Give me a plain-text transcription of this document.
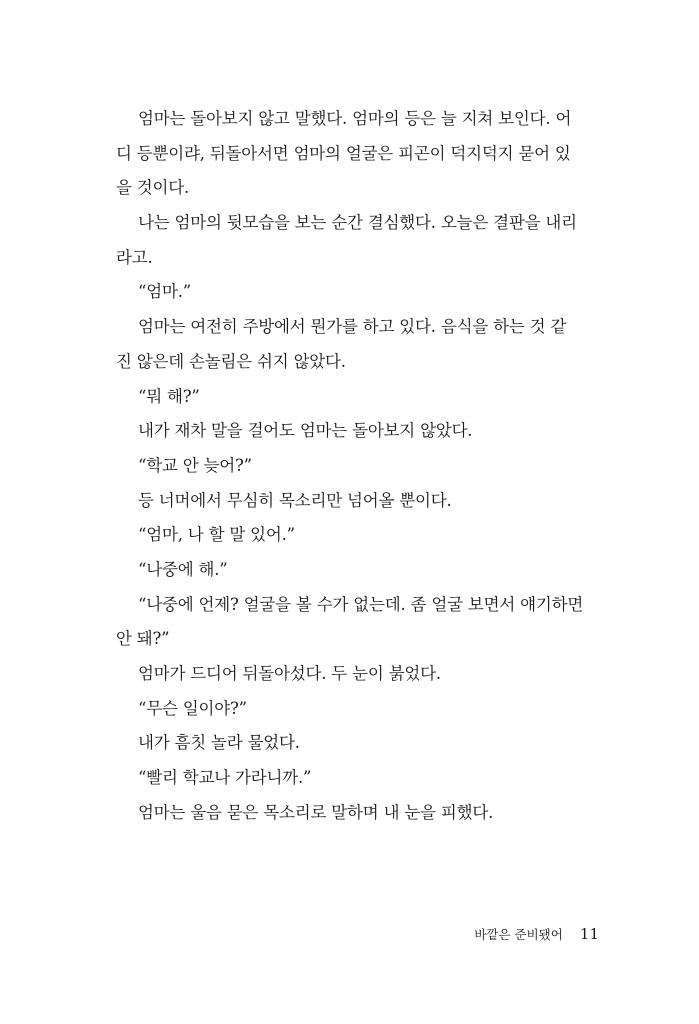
엄마는 돌아보지 않고 말했다. 엄마의 등은 늘 지쳐 보인다. 어
디 등뿐이랴, 뒤돌아서면 엄마의 얼굴은 피곤이 덕지덕지 묻어 있
을 것이다.
나는 엄마의 뒷모습을 보는 순간 결심했다. 오늘은 결판을 내리
라고.
“엄마.”
엄마는 여전히 주방에서 뭔가를 하고 있다. 음식을 하는 것 같
진 않은데 손놀림은 쉬지 않았다.
“뭐 해?”
내가 재차 말을 걸어도 엄마는 돌아보지 않았다.
“학교 안 늦어?”
등 너머에서 무심히 목소리만 넘어올 뿐이다.
“엄마, 나 할 말 있어.”
“나중에 해.”
“나중에 언제? 얼굴을 볼 수가 없는데. 좀 얼굴 보면서 얘기하면
안 돼?”
엄마가 드디어 뒤돌아섰다. 두 눈이 붉었다.
“무슨 일이야?”
내가 흠칫 놀라 물었다.
“빨리 학교나 가라니까.”
엄마는 울음 묻은 목소리로 말하며 내 눈을 피했다.
바깥은 준비됐어 11
